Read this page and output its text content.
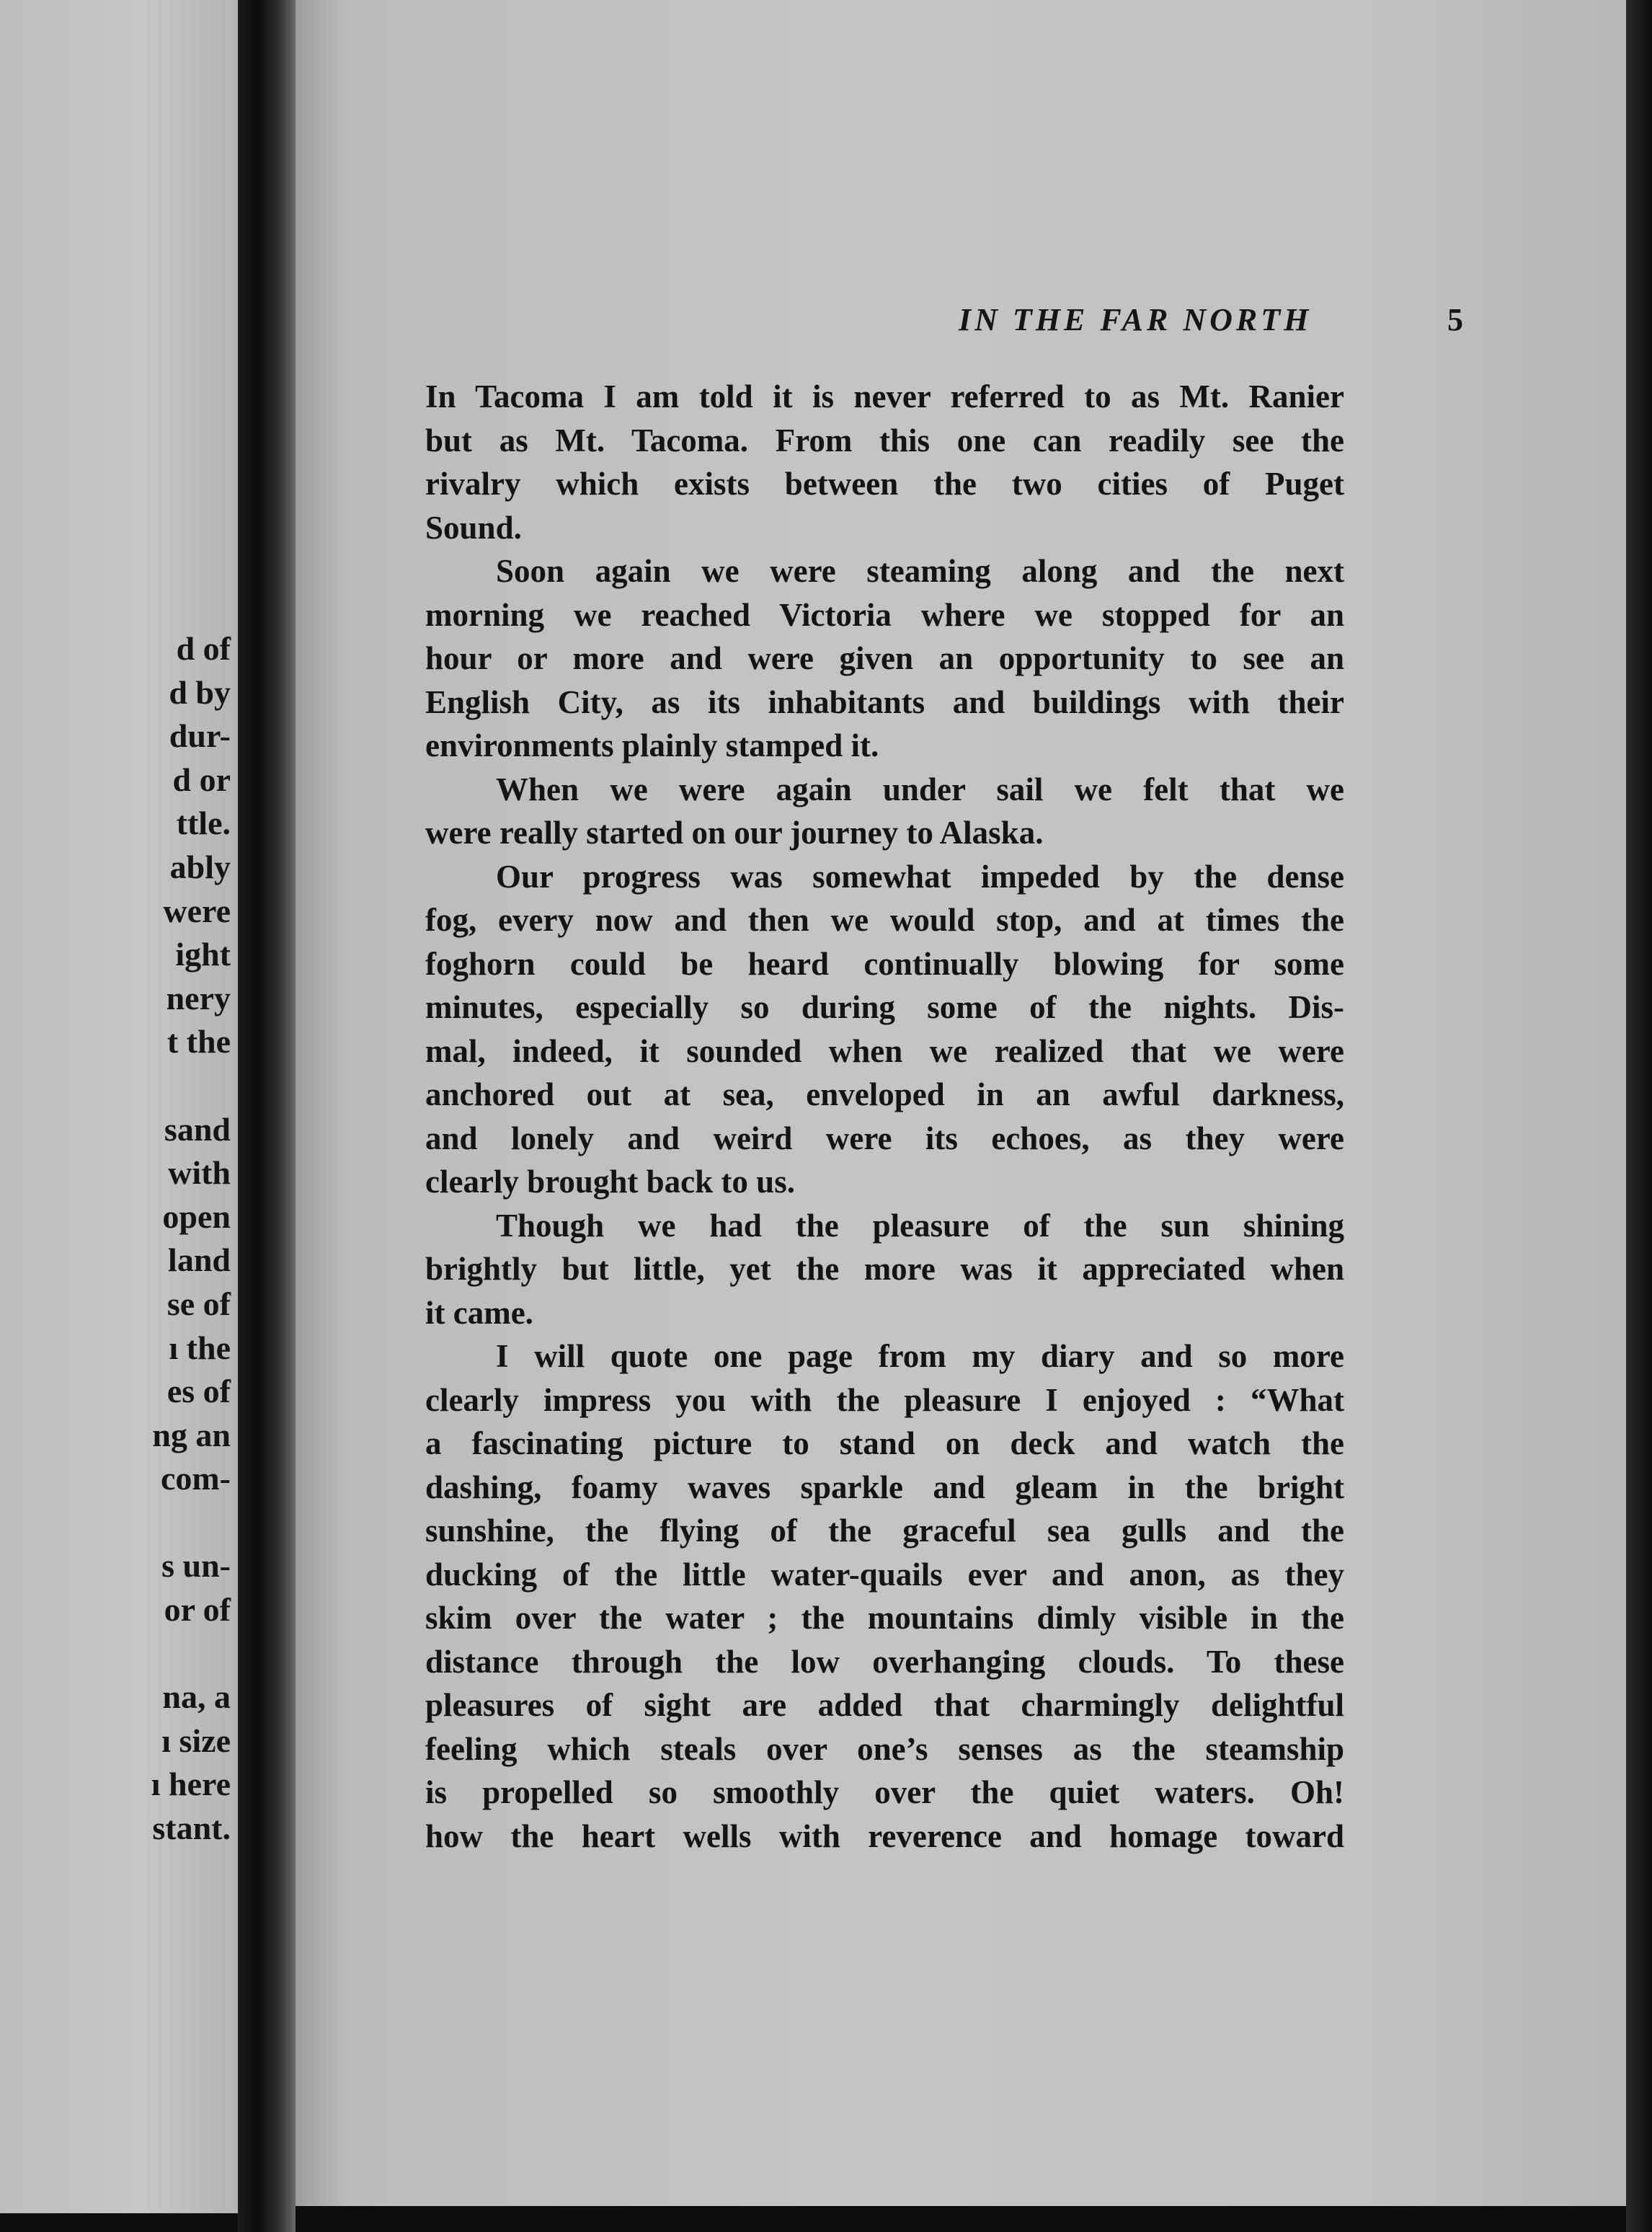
d of
d by
dur-
d or
ttle.
ably
were
ight
nery
t the
sand
with
open
land
se of
ı the
es of
ng an
com-
s un-
or of
na, a
ı size
ı here
stant.
IN THE FAR NORTH	5
In Tacoma I am told it is never referred to as Mt. Ranier
but as Mt. Tacoma. From this one can readily see the
rivalry which exists between the two cities of Puget
Sound.
Soon again we were steaming along and the next
morning we reached Victoria where we stopped for an
hour or more and were given an opportunity to see an
English City, as its inhabitants and buildings with their
environments plainly stamped it.
When we were again under sail we felt that we
were really started on our journey to Alaska.
Our progress was somewhat impeded by the dense
fog, every now and then we would stop, and at times the
foghorn could be heard continually blowing for some
minutes, especially so during some of the nights. Dis-
mal, indeed, it sounded when we realized that we were
anchored out at sea, enveloped in an awful darkness,
and lonely and weird were its echoes, as they were
clearly brought back to us.
Though we had the pleasure of the sun shining
brightly but little, yet the more was it appreciated when
it came.
I will quote one page from my diary and so more
clearly impress you with the pleasure I enjoyed : “What
a fascinating picture to stand on deck and watch the
dashing, foamy waves sparkle and gleam in the bright
sunshine, the flying of the graceful sea gulls and the
ducking of the little water-quails ever and anon, as they
skim over the water ; the mountains dimly visible in the
distance through the low overhanging clouds. To these
pleasures of sight are added that charmingly delightful
feeling which steals over one’s senses as the steamship
is propelled so smoothly over the quiet waters. Oh!
how the heart wells with reverence and homage toward
